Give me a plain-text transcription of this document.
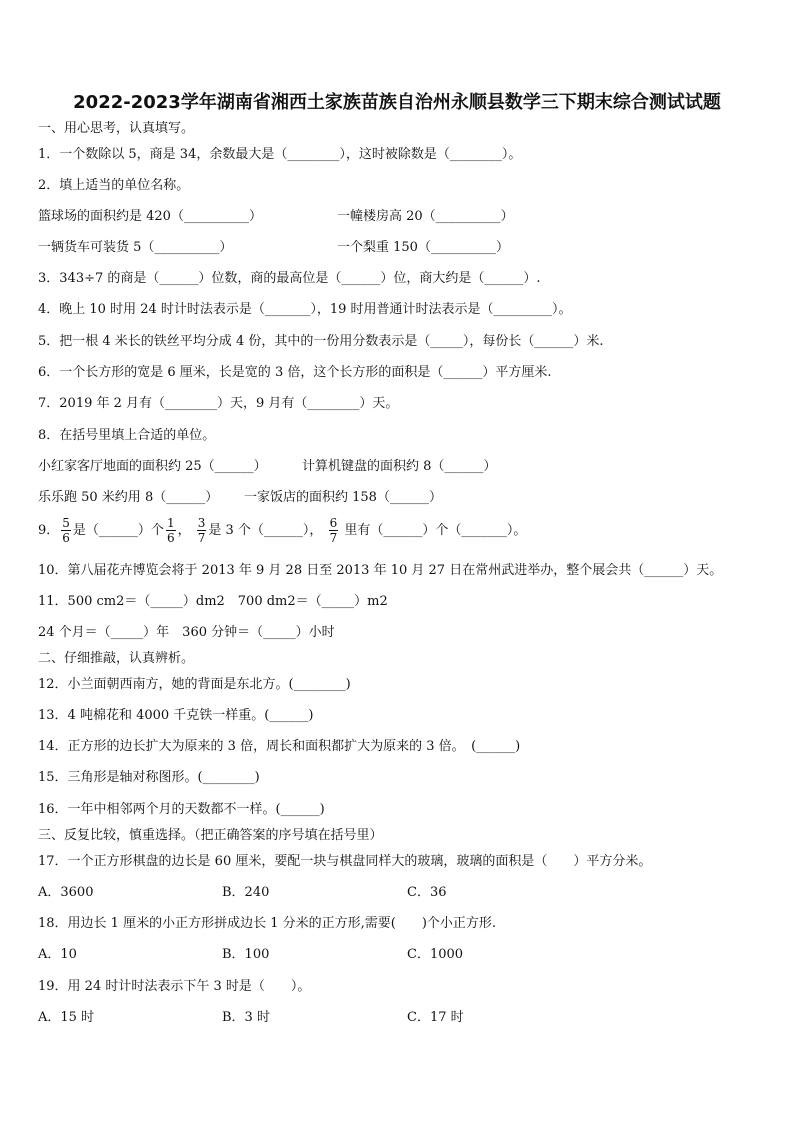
2022-2023学年湖南省湘西土家族苗族自治州永顺县数学三下期末综合测试试题
一、用心思考，认真填写。
1．一个数除以 5，商是 34，余数最大是（________），这时被除数是（________）。
2．填上适当的单位名称。
篮球场的面积约是 420（__________）	一幢楼房高 20（__________）
一辆货车可装货 5（__________）	一个梨重 150（__________）
3．343÷7 的商是（______）位数，商的最高位是（______）位，商大约是（______）.
4．晚上 10 时用 24 时计时法表示是（_______），19 时用普通计时法表示是（_________）。
5．把一根 4 米长的铁丝平均分成 4 份，其中的一份用分数表示是（_____），每份长（______）米.
6．一个长方形的宽是 6 厘米，长是宽的 3 倍，这个长方形的面积是（______）平方厘米.
7．2019 年 2 月有（________）天，9 月有（________）天。
8．在括号里填上合适的单位。
小红家客厅地面的面积约 25（______）	计算机键盘的面积约 8（______）
乐乐跑 50 米约用 8（______） 一家饭店的面积约 158（______）
9． $\frac{5}{6}$ 是（______）个 $\frac{1}{6}$ ， $\frac{3}{7}$ 是 3 个（______）， $\frac{6}{7}$ 里有（______）个（_______）。
10．第八届花卉博览会将于 2013 年 9 月 28 日至 2013 年 10 月 27 日在常州武进举办，整个展会共（______）天。
11．500 cm2＝（_____）dm2　700 dm2＝（_____）m2
24 个月＝（_____）年　360 分钟＝（_____）小时
二、仔细推敲，认真辨析。
12．小兰面朝西南方，她的背面是东北方。(________)
13．4 吨棉花和 4000 千克铁一样重。(______)
14．正方形的边长扩大为原来的 3 倍，周长和面积都扩大为原来的 3 倍。　(______)
15．三角形是轴对称图形。(________)
16．一年中相邻两个月的天数都不一样。(______)
三、反复比较，慎重选择。（把正确答案的序号填在括号里）
17．一个正方形棋盘的边长是 60 厘米，要配一块与棋盘同样大的玻璃，玻璃的面积是（　　）平方分米。
A．3600	B．240	C．36
18．用边长 1 厘米的小正方形拼成边长 1 分米的正方形,需要(　　)个小正方形.
A．10	B．100	C．1000
19．用 24 时计时法表示下午 3 时是（　　）。
A．15 时	B．3 时	C．17 时
